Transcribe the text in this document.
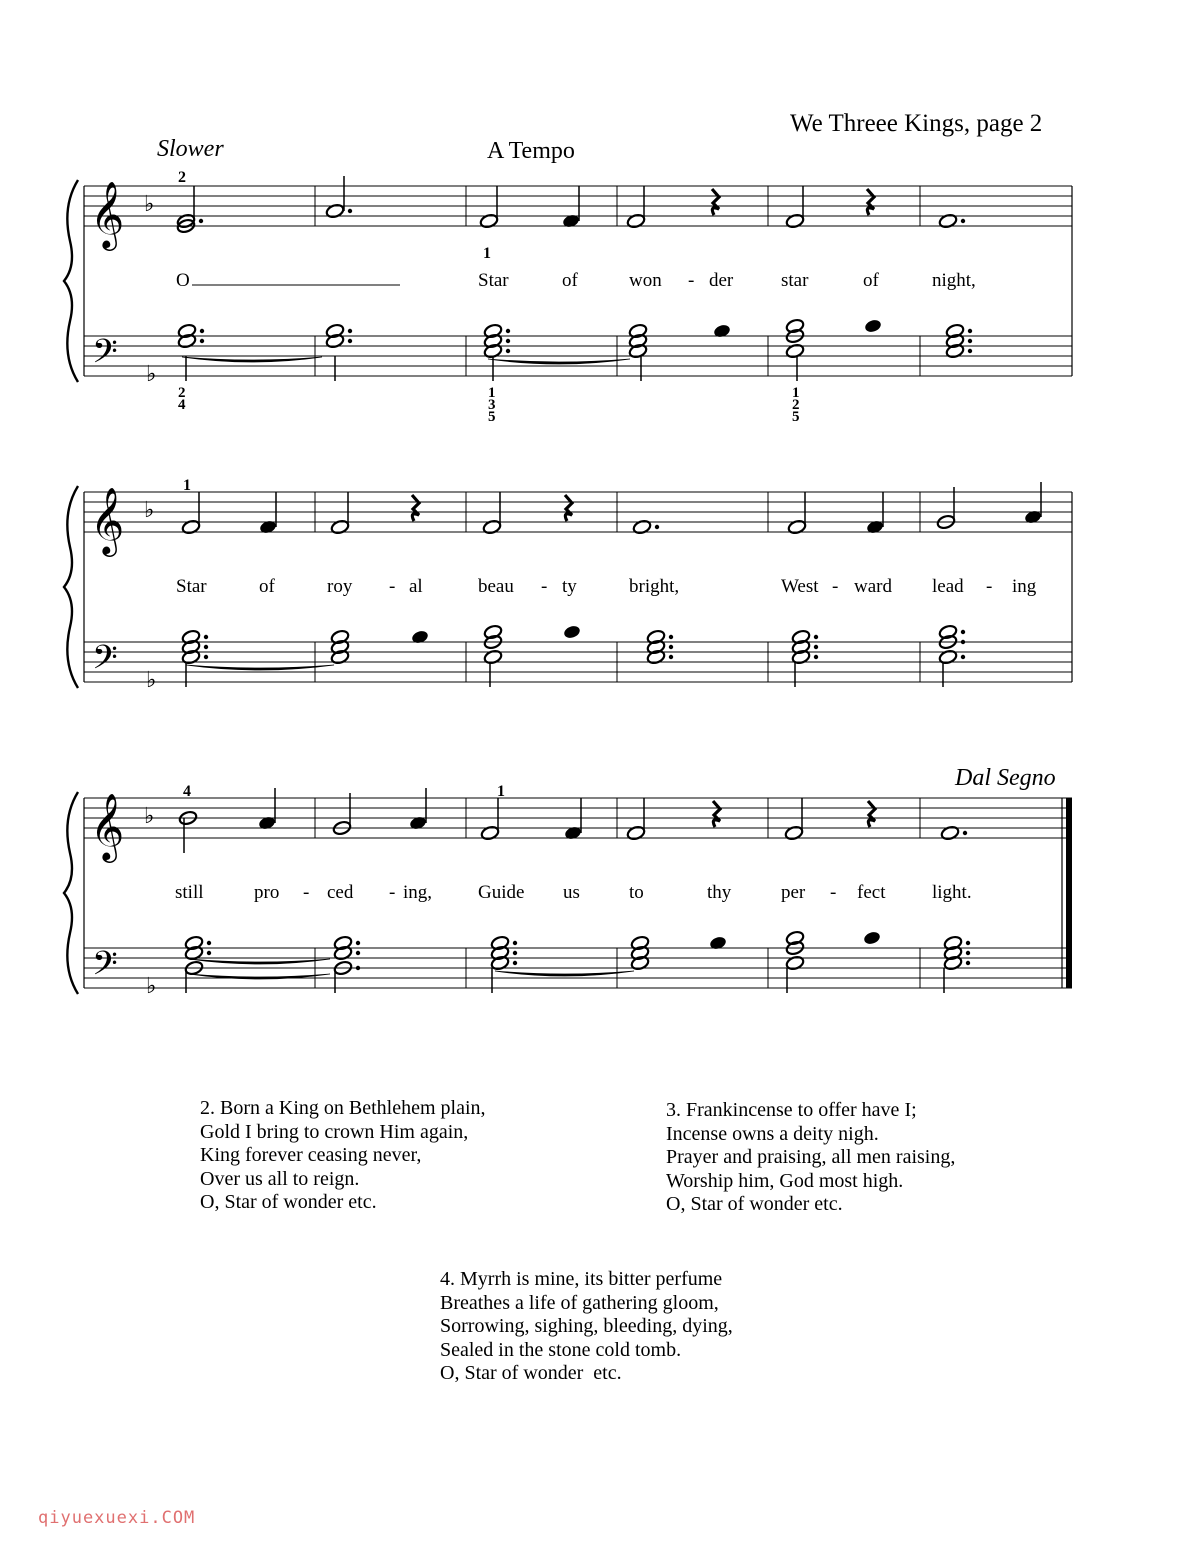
We Threee Kings, page 2
𝄞
𝄢
♭
♭
O	Star	of	won - der	star	of	night,
𝄞
𝄢
♭
♭
Star	of	roy - al	beau - ty	bright,	West - ward lead - ing
𝄞
𝄢
♭
♭
still	pro - ced - ing, Guide us	to	thy	per - fect light.
Slower	A Tempo
2
1
2
4
1
3
5
1
2
5
1
4	1
Dal Segno
2. Born a King on Bethlehem plain,
Gold I bring to crown Him again,
King forever ceasing never,
Over us all to reign.
O, Star of wonder etc.
3. Frankincense to offer have I;
Incense owns a deity nigh.
Prayer and praising, all men raising,
Worship him, God most high.
O, Star of wonder etc.
4. Myrrh is mine, its bitter perfume
Breathes a life of gathering gloom,
Sorrowing, sighing, bleeding, dying,
Sealed in the stone cold tomb.
O, Star of wonder  etc.
qiyuexuexi.COM
